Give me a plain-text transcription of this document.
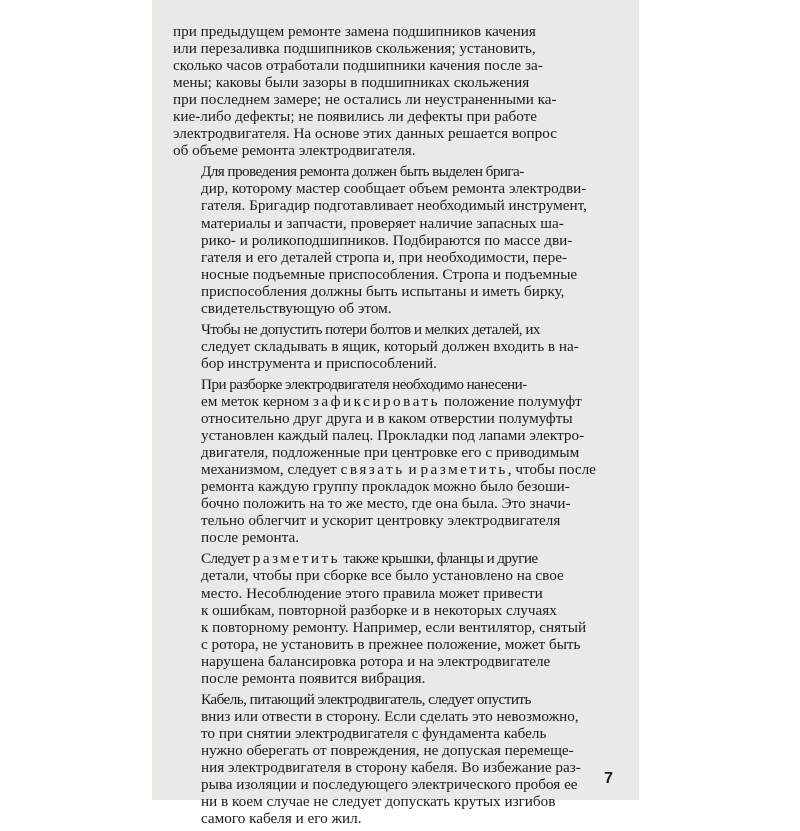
при предыдущем ремонте замена подшипников качения
или перезаливка подшипников скольжения; установить,
сколько часов отработали подшипники качения после за-
мены; каковы были зазоры в подшипниках скольжения
при последнем замере; не остались ли неустраненными ка-
кие-либо дефекты; не появились ли дефекты при работе
электродвигателя. На основе этих данных решается вопрос
об объеме ремонта электродвигателя.
Для проведения ремонта должен быть выделен брига-
дир, которому мастер сообщает объем ремонта электродви-
гателя. Бригадир подготавливает необходимый инструмент,
материалы и запчасти, проверяет наличие запасных ша-
рико- и роликоподшипников. Подбираются по массе дви-
гателя и его деталей стропа и, при необходимости, пере-
носные подъемные приспособления. Стропа и подъемные
приспособления должны быть испытаны и иметь бирку,
свидетельствующую об этом.
Чтобы не допустить потери болтов и мелких деталей, их
следует складывать в ящик, который должен входить в на-
бор инструмента и приспособлений.
При разборке электродвигателя необходимо нанесени-
ем меток керном зафиксировать положение полумуфт
относительно друг друга и в каком отверстии полумуфты
установлен каждый палец. Прокладки под лапами электро-
двигателя, подложенные при центровке его с приводимым
механизмом, следует связать и разметить, чтобы после
ремонта каждую группу прокладок можно было безоши-
бочно положить на то же место, где она была. Это значи-
тельно облегчит и ускорит центровку электродвигателя
после ремонта.
Следует разметить также крышки, фланцы и другие
детали, чтобы при сборке все было установлено на свое
место. Несоблюдение этого правила может привести
к ошибкам, повторной разборке и в некоторых случаях
к повторному ремонту. Например, если вентилятор, снятый
с ротора, не установить в прежнее положение, может быть
нарушена балансировка ротора и на электродвигателе
после ремонта появится вибрация.
Кабель, питающий электродвигатель, следует опустить
вниз или отвести в сторону. Если сделать это невозможно,
то при снятии электродвигателя с фундамента кабель
нужно оберегать от повреждения, не допуская перемеще-
ния электродвигателя в сторону кабеля. Во избежание раз-
рыва изоляции и последующего электрического пробоя ее
ни в коем случае не следует допускать крутых изгибов
самого кабеля и его жил.
7
